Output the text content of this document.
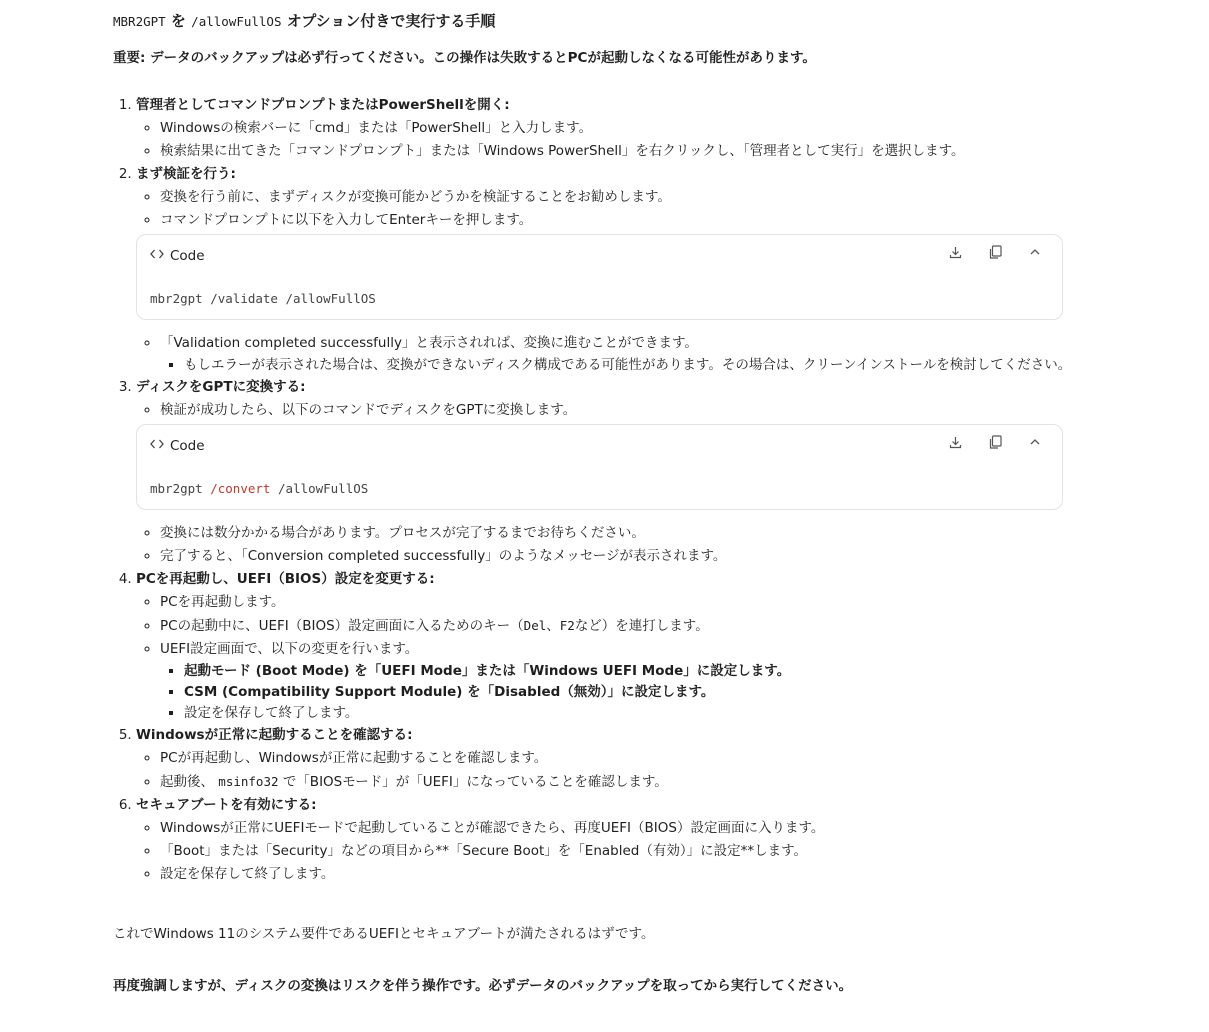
MBR2GPT を /allowFullOS オプション付きで実行する手順

重要: データのバックアップは必ず行ってください。この操作は失敗するとPCが起動しなくなる可能性があります。

1. 管理者としてコマンドプロンプトまたはPowerShellを開く:
◦ Windowsの検索バーに「cmd」または「PowerShell」と入力します。
◦ 検索結果に出てきた「コマンドプロンプト」または「Windows PowerShell」を右クリックし、「管理者として実行」を選択します。
2. まず検証を行う:
◦ 変換を行う前に、まずディスクが変換可能かどうかを検証することをお勧めします。
◦ コマンドプロンプトに以下を入力してEnterキーを押します。
Code
mbr2gpt /validate /allowFullOS
◦ 「Validation completed successfully」と表示されれば、変換に進むことができます。
▪ もしエラーが表示された場合は、変換ができないディスク構成である可能性があります。その場合は、クリーンインストールを検討してください。
3. ディスクをGPTに変換する:
◦ 検証が成功したら、以下のコマンドでディスクをGPTに変換します。
Code
mbr2gpt /convert /allowFullOS
◦ 変換には数分かかる場合があります。プロセスが完了するまでお待ちください。
◦ 完了すると、「Conversion completed successfully」のようなメッセージが表示されます。
4. PCを再起動し、UEFI（BIOS）設定を変更する:
◦ PCを再起動します。
◦ PCの起動中に、UEFI（BIOS）設定画面に入るためのキー（Del、F2など）を連打します。
◦ UEFI設定画面で、以下の変更を行います。
▪ 起動モード (Boot Mode) を「UEFI Mode」または「Windows UEFI Mode」に設定します。
▪ CSM (Compatibility Support Module) を「Disabled（無効）」に設定します。
▪ 設定を保存して終了します。
5. Windowsが正常に起動することを確認する:
◦ PCが再起動し、Windowsが正常に起動することを確認します。
◦ 起動後、 msinfo32 で「BIOSモード」が「UEFI」になっていることを確認します。
6. セキュアブートを有効にする:
◦ Windowsが正常にUEFIモードで起動していることが確認できたら、再度UEFI（BIOS）設定画面に入ります。
◦ 「Boot」または「Security」などの項目から**「Secure Boot」を「Enabled（有効）」に設定**します。
◦ 設定を保存して終了します。

これでWindows 11のシステム要件であるUEFIとセキュアブートが満たされるはずです。

再度強調しますが、ディスクの変換はリスクを伴う操作です。必ずデータのバックアップを取ってから実行してください。
